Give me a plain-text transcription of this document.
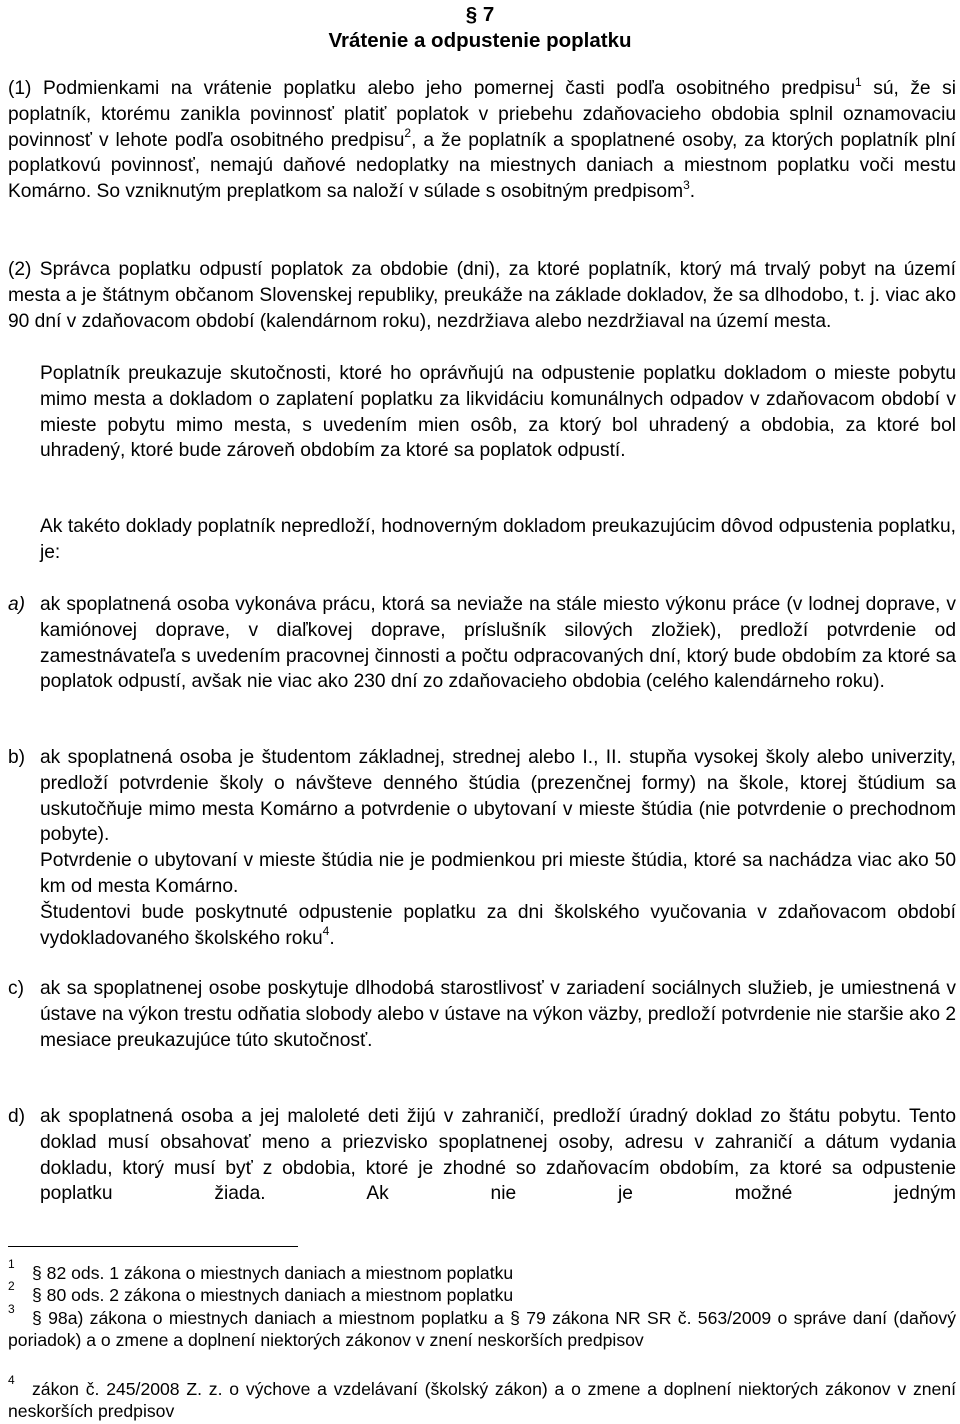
§ 7
Vrátenie a odpustenie poplatku
(1) Podmienkami na vrátenie poplatku alebo jeho pomernej časti podľa osobitného predpisu$^1$ sú, že si poplatník, ktorému zanikla povinnosť platiť poplatok v priebehu zdaňovacieho obdobia splnil oznamovaciu povinnosť v lehote podľa osobitného predpisu$^2$, a že poplatník a spoplatnené osoby, za ktorých poplatník plní poplatkovú povinnosť, nemajú daňové nedoplatky na miestnych daniach a miestnom poplatku voči mestu Komárno. So vzniknutým preplatkom sa naloží v súlade s osobitným predpisom$^3$.
(2) Správca poplatku odpustí poplatok za obdobie (dni), za ktoré poplatník, ktorý má trvalý pobyt na území mesta a je štátnym občanom Slovenskej republiky, preukáže na základe dokladov, že sa dlhodobo, t. j. viac ako 90 dní v zdaňovacom období (kalendárnom roku), nezdržiava alebo nezdržiaval na území mesta.
Poplatník preukazuje skutočnosti, ktoré ho oprávňujú na odpustenie poplatku dokladom o mieste pobytu mimo mesta a dokladom o zaplatení poplatku za likvidáciu komunálnych odpadov v zdaňovacom období v mieste pobytu mimo mesta, s uvedením mien osôb, za ktorý bol uhradený a obdobia, za ktoré bol uhradený, ktoré bude zároveň obdobím za ktoré sa poplatok odpustí.
Ak takéto doklady poplatník nepredloží, hodnoverným dokladom preukazujúcim dôvod odpustenia poplatku, je:
a) ak spoplatnená osoba vykonáva prácu, ktorá sa neviaže na stále miesto výkonu práce (v lodnej doprave, v kamiónovej doprave, v diaľkovej doprave, príslušník silových zložiek), predloží potvrdenie od zamestnávateľa s uvedením pracovnej činnosti a počtu odpracovaných dní, ktorý bude obdobím za ktoré sa poplatok odpustí, avšak nie viac ako 230 dní zo zdaňovacieho obdobia (celého kalendárneho roku).
b) ak spoplatnená osoba je študentom základnej, strednej alebo I., II. stupňa vysokej školy alebo univerzity, predloží potvrdenie školy o návšteve denného štúdia (prezenčnej formy) na škole, ktorej štúdium sa uskutočňuje mimo mesta Komárno a potvrdenie o ubytovaní v mieste štúdia (nie potvrdenie o prechodnom pobyte).
Potvrdenie o ubytovaní v mieste štúdia nie je podmienkou pri mieste štúdia, ktoré sa nachádza viac ako 50 km od mesta Komárno.
Študentovi bude poskytnuté odpustenie poplatku za dni školského vyučovania v zdaňovacom období vydokladovaného školského roku$^4$.
c) ak sa spoplatnenej osobe poskytuje dlhodobá starostlivosť v zariadení sociálnych služieb, je umiestnená v ústave na výkon trestu odňatia slobody alebo v ústave na výkon väzby, predloží potvrdenie nie staršie ako 2 mesiace preukazujúce túto skutočnosť.
d) ak spoplatnená osoba a jej maloleté deti žijú v zahraničí, predloží úradný doklad zo štátu pobytu. Tento doklad musí obsahovať meno a priezvisko spoplatnenej osoby, adresu v zahraničí a dátum vydania dokladu, ktorý musí byť z obdobia, ktoré je zhodné so zdaňovacím obdobím, za ktoré sa odpustenie poplatku žiada. Ak nie je možné jedným
1 § 82 ods. 1 zákona o miestnych daniach a miestnom poplatku
2 § 80 ods. 2 zákona o miestnych daniach a miestnom poplatku
3 § 98a) zákona o miestnych daniach a miestnom poplatku a § 79 zákona NR SR č. 563/2009 o správe daní (daňový poriadok) a o zmene a doplnení niektorých zákonov v znení neskorších predpisov
4 zákon č. 245/2008 Z. z. o výchove a vzdelávaní (školský zákon) a o zmene a doplnení niektorých zákonov v znení neskorších predpisov
